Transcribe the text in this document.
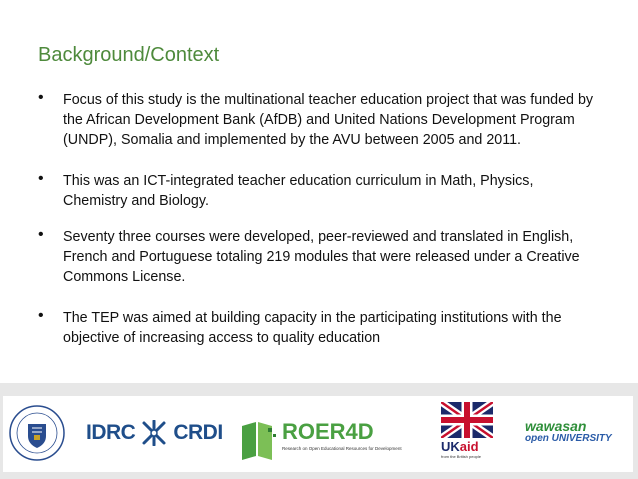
Background/Context
• Focus of this study is the multinational teacher education project that was funded by the African Development Bank (AfDB) and United Nations Development Program (UNDP), Somalia and implemented by the AVU between 2005 and 2011.
• This was an ICT-integrated teacher education curriculum in Math, Physics, Chemistry and Biology.
• Seventy three courses were developed, peer-reviewed and translated in English, French and Portuguese totaling 219 modules that were released under a Creative Commons License.
• The TEP was aimed at building capacity in the participating institutions with the objective of increasing access to quality education
IDRC CRDI	ROER4D
Research on Open Educational Resources for Development	UKaid
from the British people
wawasan
open UNIVERSITY
